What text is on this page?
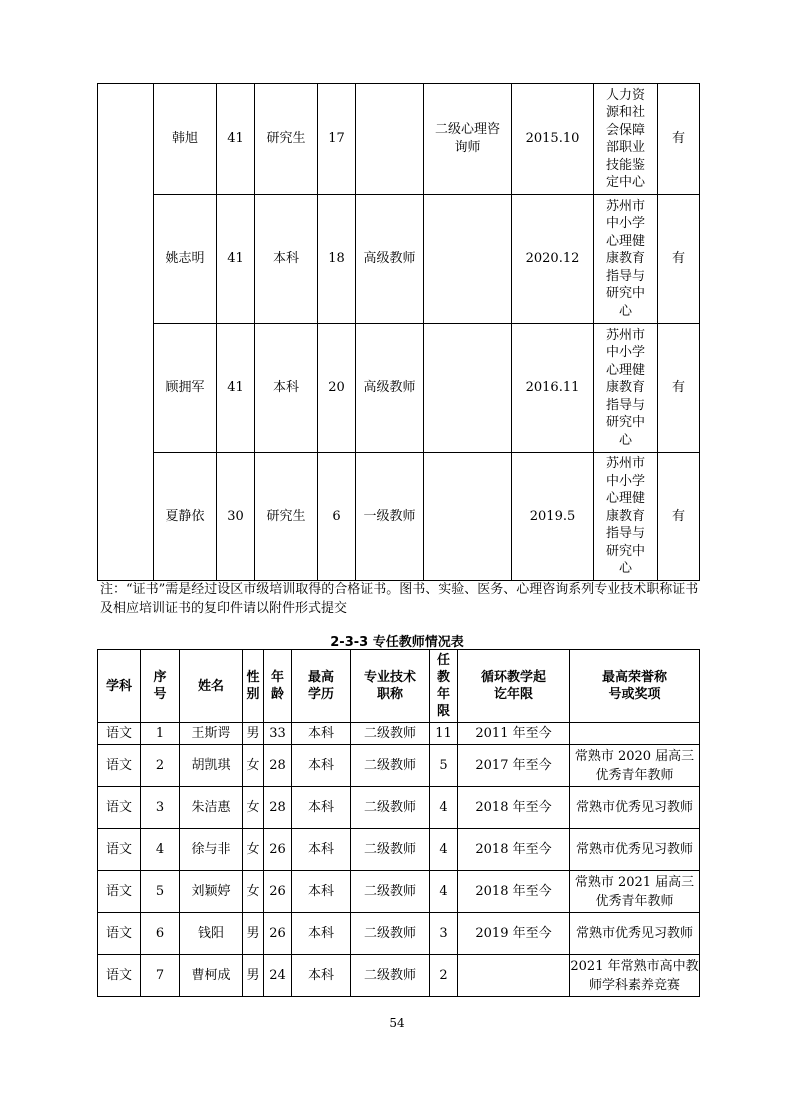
	韩旭	41	研究生	17		二级心理咨询师	2015.10	人力资源和社会保障部职业技能鉴定中心	有
	姚志明	41	本科	18	高级教师		2020.12	苏州市中小学心理健康教育指导与研究中心	有
	顾拥军	41	本科	20	高级教师		2016.11	苏州市中小学心理健康教育指导与研究中心	有
	夏静依	30	研究生	6	一级教师		2019.5	苏州市中小学心理健康教育指导与研究中心	有
注：“证书”需是经过设区市级培训取得的合格证书。图书、实验、医务、心理咨询系列专业技术职称证书及相应培训证书的复印件请以附件形式提交
2-3-3 专任教师情况表
学科	序号	姓名	性别	年龄	最高学历	专业技术职称	任教年限	循环教学起讫年限	最高荣誉称号或奖项
语文	1	王斯谔	男	33	本科	二级教师	11	2011 年至今	
语文	2	胡凯琪	女	28	本科	二级教师	5	2017 年至今	常熟市 2020 届高三优秀青年教师
语文	3	朱洁惠	女	28	本科	二级教师	4	2018 年至今	常熟市优秀见习教师
语文	4	徐与非	女	26	本科	二级教师	4	2018 年至今	常熟市优秀见习教师
语文	5	刘颖婷	女	26	本科	二级教师	4	2018 年至今	常熟市 2021 届高三优秀青年教师
语文	6	钱阳	男	26	本科	二级教师	3	2019 年至今	常熟市优秀见习教师
语文	7	曹柯成	男	24	本科	二级教师	2		2021 年常熟市高中教师学科素养竞赛
54
